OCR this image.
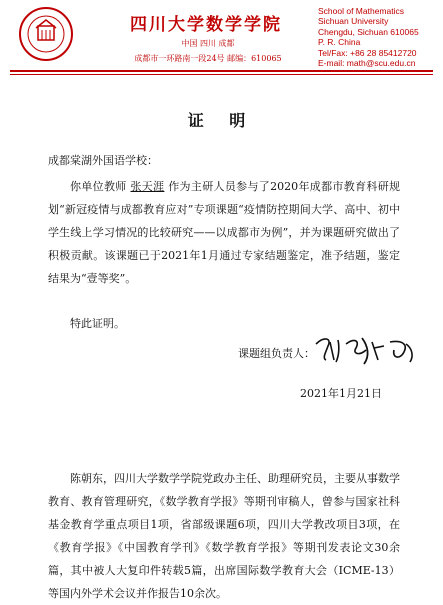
四川大学数学学院
中国 四川 成都
成都市一环路南一段24号 邮编：610065
School of Mathematics
Sichuan University
Chengdu, Sichuan 610065
P. R. China
Tel/Fax: +86 28 85412720
E-mail: math@scu.edu.cn
证 明
成都棠湖外国语学校：
你单位教师 张天涯 作为主研人员参与了2020年成都市教育科研规划“新冠疫情与成都教育应对”专项课题“疫情防控期间大学、高中、初中学生线上学习情况的比较研究——以成都市为例”，并为课题研究做出了积极贡献。该课题已于2021年1月通过专家结题鉴定，准予结题，鉴定结果为“壹等奖”。
特此证明。
课题组负责人：
2021年1月21日
陈朝东，四川大学数学学院党政办主任、助理研究员，主要从事数学教育、教育管理研究，《数学教育学报》等期刊审稿人，曾参与国家社科基金教育学重点项目1项，省部级课题6项，四川大学教改项目3项，在《教育学报》《中国教育学刊》《数学教育学报》等期刊发表论文30余篇，其中被人大复印件转载5篇，出席国际数学教育大会（ICME-13）等国内外学术会议并作报告10余次。
